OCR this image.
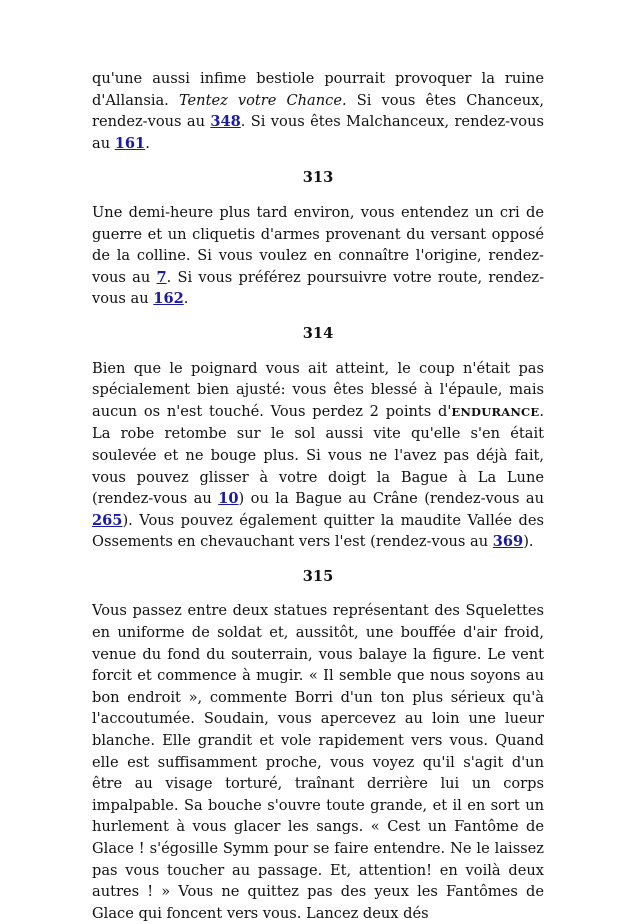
qu'une aussi infime bestiole pourrait provoquer la ruine d'Allansia. Tentez votre Chance. Si vous êtes Chanceux, rendez-vous au 348. Si vous êtes Malchanceux, rendez-vous au 161.

313

Une demi-heure plus tard environ, vous entendez un cri de guerre et un cliquetis d'armes provenant du versant opposé de la colline. Si vous voulez en connaître l'origine, rendez-vous au 7. Si vous préférez poursuivre votre route, rendez-vous au 162.

314

Bien que le poignard vous ait atteint, le coup n'était pas spécialement bien ajusté: vous êtes blessé à l'épaule, mais aucun os n'est touché. Vous perdez 2 points d'ENDURANCE. La robe retombe sur le sol aussi vite qu'elle s'en était soulevée et ne bouge plus. Si vous ne l'avez pas déjà fait, vous pouvez glisser à votre doigt la Bague à La Lune (rendez-vous au 10) ou la Bague au Crâne (rendez-vous au 265). Vous pouvez également quitter la maudite Vallée des Ossements en chevauchant vers l'est (rendez-vous au 369).

315

Vous passez entre deux statues représentant des Squelettes en uniforme de soldat et, aussitôt, une bouffée d'air froid, venue du fond du souterrain, vous balaye la figure. Le vent forcit et commence à mugir. « Il semble que nous soyons au bon endroit », commente Borri d'un ton plus sérieux qu'à l'accoutumée. Soudain, vous apercevez au loin une lueur blanche. Elle grandit et vole rapidement vers vous. Quand elle est suffisamment proche, vous voyez qu'il s'agit d'un être au visage torturé, traînant derrière lui un corps impalpable. Sa bouche s'ouvre toute grande, et il en sort un hurlement à vous glacer les sangs. « Cest un Fantôme de Glace ! s'égosille Symm pour se faire entendre. Ne le laissez pas vous toucher au passage. Et, attention! en voilà deux autres ! » Vous ne quittez pas des yeux les Fantômes de Glace qui foncent vers vous. Lancez deux dés
